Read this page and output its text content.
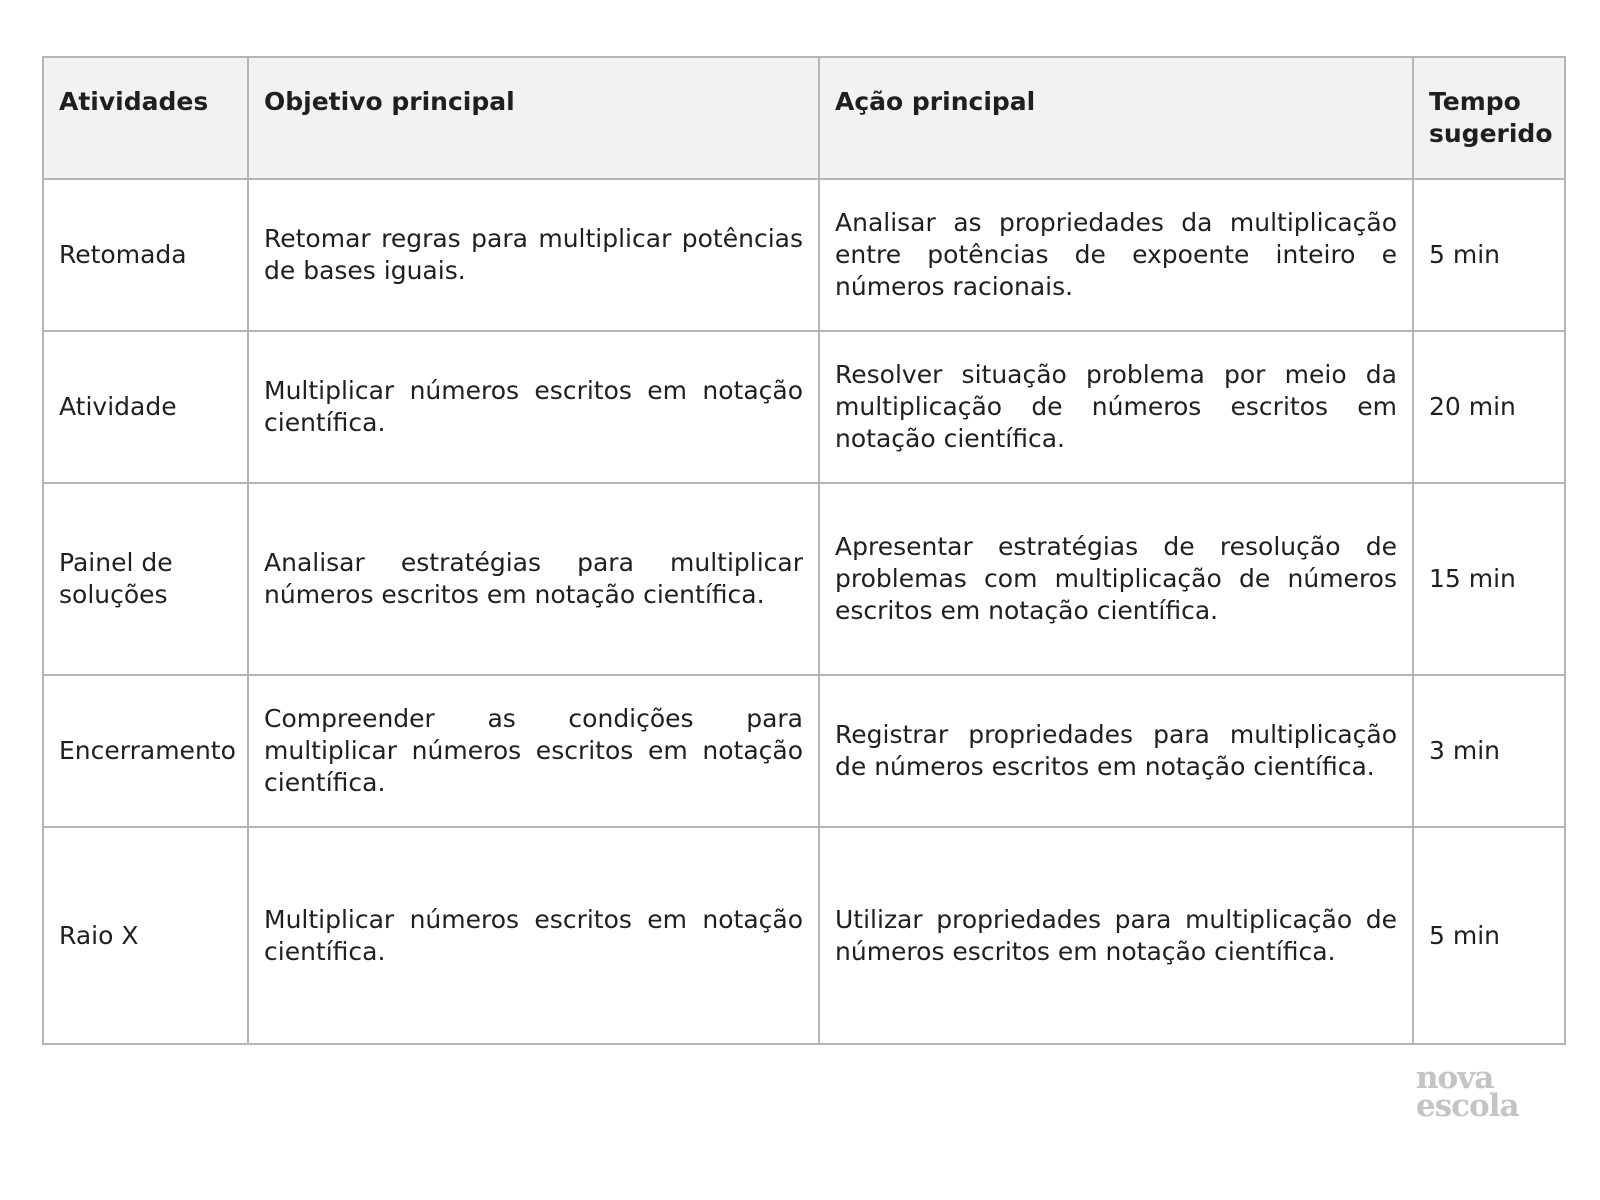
Atividades	Objetivo principal	Ação principal	Tempo sugerido
Retomada	Retomar regras para multiplicar potências de bases iguais.	Analisar as propriedades da multiplicação entre potências de expoente inteiro e números racionais.	5 min
Atividade	Multiplicar números escritos em notação científica.	Resolver situação problema por meio da multiplicação de números escritos em notação científica.	20 min
Painel de soluções	Analisar estratégias para multiplicar números escritos em notação científica.	Apresentar estratégias de resolução de problemas com multiplicação de números escritos em notação científica.	15 min
Encerramento	Compreender as condições para multiplicar números escritos em notação científica.	Registrar propriedades para multiplicação de números escritos em notação científica.	3 min
Raio X	Multiplicar números escritos em notação científica.	Utilizar propriedades para multiplicação de números escritos em notação científica.	5 min
nova
escola
